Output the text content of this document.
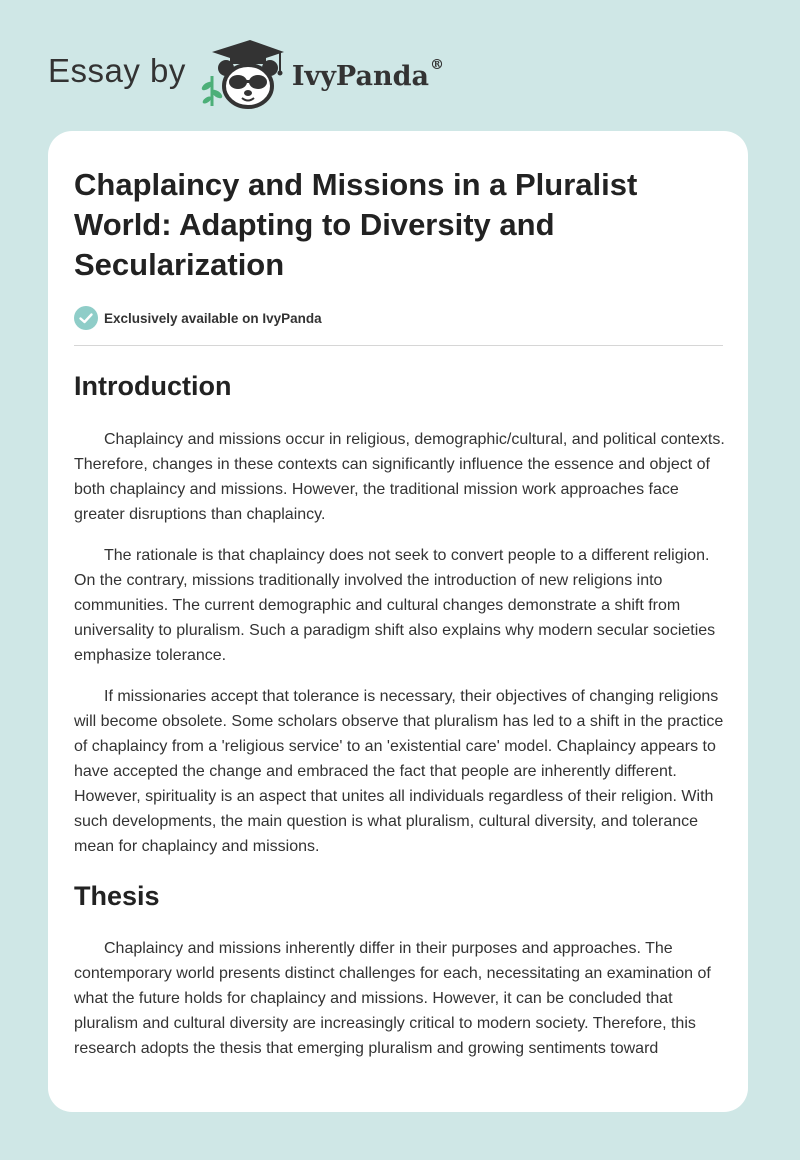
Essay by	IvyPanda®
Chaplaincy and Missions in a Pluralist World: Adapting to Diversity and Secularization
Exclusively available on IvyPanda
Introduction

Chaplaincy and missions occur in religious, demographic/cultural, and political contexts. Therefore, changes in these contexts can significantly influence the essence and object of both chaplaincy and missions. However, the traditional mission work approaches face greater disruptions than chaplaincy.

The rationale is that chaplaincy does not seek to convert people to a different religion. On the contrary, missions traditionally involved the introduction of new religions into communities. The current demographic and cultural changes demonstrate a shift from universality to pluralism. Such a paradigm shift also explains why modern secular societies emphasize tolerance.

If missionaries accept that tolerance is necessary, their objectives of changing religions will become obsolete. Some scholars observe that pluralism has led to a shift in the practice of chaplaincy from a 'religious service' to an 'existential care' model. Chaplaincy appears to have accepted the change and embraced the fact that people are inherently different. However, spirituality is an aspect that unites all individuals regardless of their religion. With such developments, the main question is what pluralism, cultural diversity, and tolerance mean for chaplaincy and missions.

Thesis

Chaplaincy and missions inherently differ in their purposes and approaches. The contemporary world presents distinct challenges for each, necessitating an examination of what the future holds for chaplaincy and missions. However, it can be concluded that pluralism and cultural diversity are increasingly critical to modern society. Therefore, this research adopts the thesis that emerging pluralism and growing sentiments toward
